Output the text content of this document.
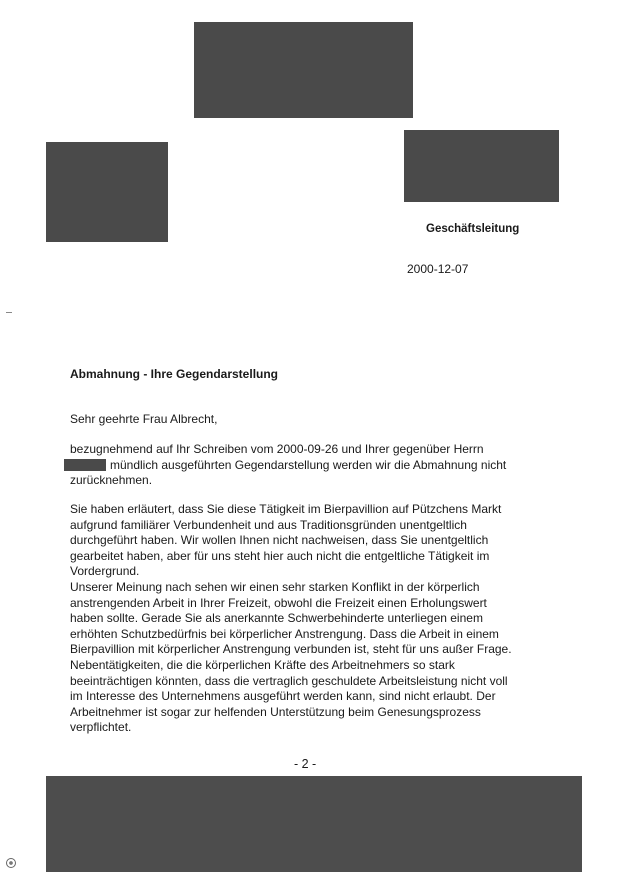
Geschäftsleitung
2000-12-07
Abmahnung - Ihre Gegendarstellung
Sehr geehrte Frau Albrecht,
bezugnehmend auf Ihr Schreiben vom 2000-09-26 und Ihrer gegenüber Herrn
mündlich ausgeführten Gegendarstellung werden wir die Abmahnung nicht
zurücknehmen.
Sie haben erläutert, dass Sie diese Tätigkeit im Bierpavillion auf Pützchens Markt
aufgrund familiärer Verbundenheit und aus Traditionsgründen unentgeltlich
durchgeführt haben. Wir wollen Ihnen nicht nachweisen, dass Sie unentgeltlich
gearbeitet haben, aber für uns steht hier auch nicht die entgeltliche Tätigkeit im
Vordergrund.
Unserer Meinung nach sehen wir einen sehr starken Konflikt in der körperlich
anstrengenden Arbeit in Ihrer Freizeit, obwohl die Freizeit einen Erholungswert
haben sollte. Gerade Sie als anerkannte Schwerbehinderte unterliegen einem
erhöhten Schutzbedürfnis bei körperlicher Anstrengung. Dass die Arbeit in einem
Bierpavillion mit körperlicher Anstrengung verbunden ist, steht für uns außer Frage.
Nebentätigkeiten, die die körperlichen Kräfte des Arbeitnehmers so stark
beeinträchtigen könnten, dass die vertraglich geschuldete Arbeitsleistung nicht voll
im Interesse des Unternehmens ausgeführt werden kann, sind nicht erlaubt. Der
Arbeitnehmer ist sogar zur helfenden Unterstützung beim Genesungsprozess
verpflichtet.
- 2 -
